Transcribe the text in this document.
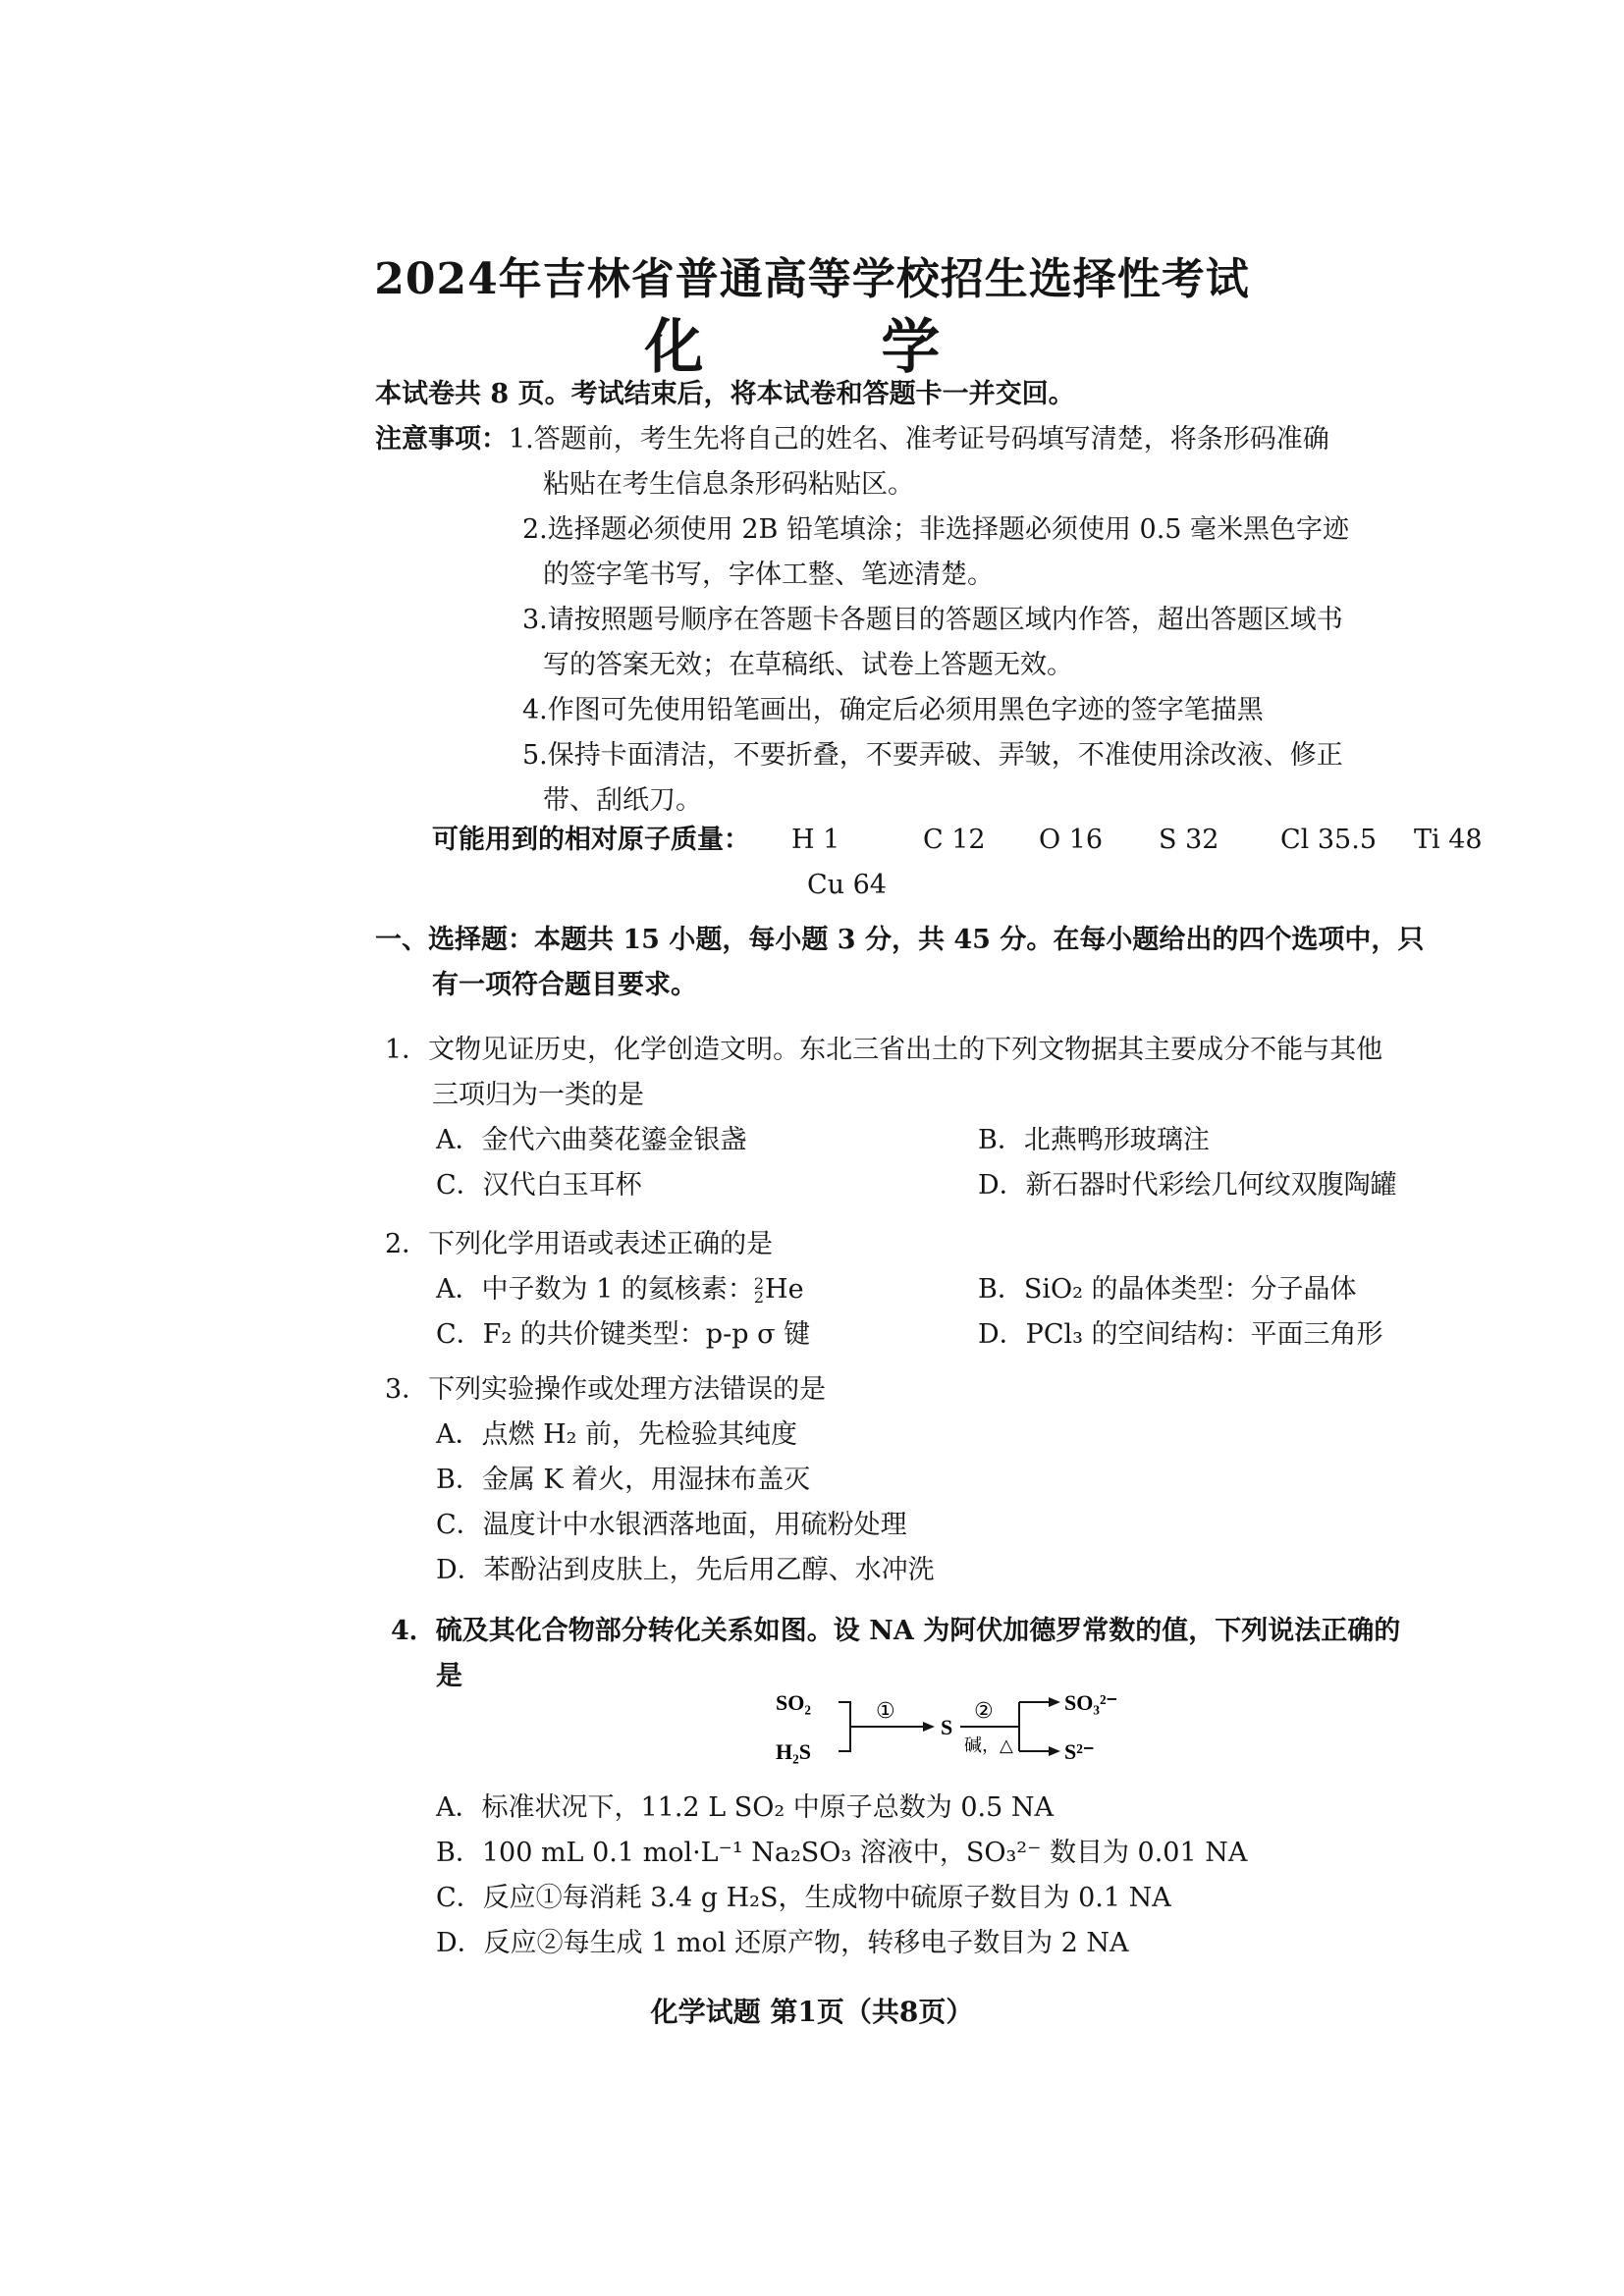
2024年吉林省普通高等学校招生选择性考试
化 学
本试卷共 8 页。考试结束后，将本试卷和答题卡一并交回。
注意事项： 1.答题前，考生先将自己的姓名、准考证号码填写清楚，将条形码准确
粘贴在考生信息条形码粘贴区。
2.选择题必须使用 2B 铅笔填涂；非选择题必须使用 0.5 毫米黑色字迹
的签字笔书写，字体工整、笔迹清楚。
3.请按照题号顺序在答题卡各题目的答题区域内作答，超出答题区域书
写的答案无效；在草稿纸、试卷上答题无效。
4.作图可先使用铅笔画出，确定后必须用黑色字迹的签字笔描黑
5.保持卡面清洁，不要折叠，不要弄破、弄皱，不准使用涂改液、修正
带、刮纸刀。
可能用到的相对原子质量： H 1	C 12 O 16 S 32 Cl 35.5 Ti 48
Cu 64
一、选择题：本题共 15 小题，每小题 3 分，共 45 分。在每小题给出的四个选项中，只
有一项符合题目要求。
1．文物见证历史，化学创造文明。东北三省出土的下列文物据其主要成分不能与其他
三项归为一类的是
A．金代六曲葵花鎏金银盏	B．北燕鸭形玻璃注
C．汉代白玉耳杯	D．新石器时代彩绘几何纹双腹陶罐
2．下列化学用语或表述正确的是
A．中子数为 1 的氦核素：2
2He	B．SiO₂ 的晶体类型：分子晶体
C．F₂ 的共价键类型：p-p σ 键	D．PCl₃ 的空间结构：平面三角形
3．下列实验操作或处理方法错误的是
A．点燃 H₂ 前，先检验其纯度
B．金属 K 着火，用湿抹布盖灭
C．温度计中水银洒落地面，用硫粉处理
D．苯酚沾到皮肤上，先后用乙醇、水冲洗
4．硫及其化合物部分转化关系如图。设 NA 为阿伏加德罗常数的值，下列说法正确的
是
SO₂
H₂S
①
S
②
碱，△
SO₃²⁻
S²⁻
A．标准状况下，11.2 L SO₂ 中原子总数为 0.5 NA
B．100 mL 0.1 mol·L⁻¹ Na₂SO₃ 溶液中，SO₃²⁻ 数目为 0.01 NA
C．反应①每消耗 3.4 g H₂S，生成物中硫原子数目为 0.1 NA
D．反应②每生成 1 mol 还原产物，转移电子数目为 2 NA
化学试题 第1页（共8页）
